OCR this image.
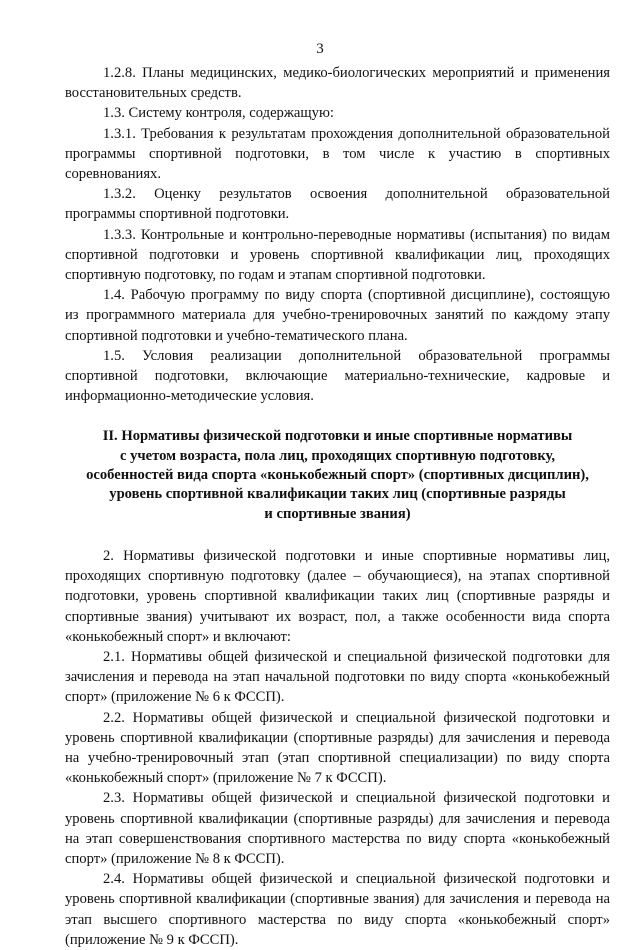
3

1.2.8. Планы медицинских, медико-биологических мероприятий и применения восстановительных средств.

1.3. Систему контроля, содержащую:

1.3.1. Требования к результатам прохождения дополнительной образовательной программы спортивной подготовки, в том числе к участию в спортивных соревнованиях.

1.3.2. Оценку результатов освоения дополнительной образовательной программы спортивной подготовки.

1.3.3. Контрольные и контрольно-переводные нормативы (испытания) по видам спортивной подготовки и уровень спортивной квалификации лиц, проходящих спортивную подготовку, по годам и этапам спортивной подготовки.

1.4. Рабочую программу по виду спорта (спортивной дисциплине), состоящую из программного материала для учебно-тренировочных занятий по каждому этапу спортивной подготовки и учебно-тематического плана.

1.5. Условия реализации дополнительной образовательной программы спортивной подготовки, включающие материально-технические, кадровые и информационно-методические условия.

II. Нормативы физической подготовки и иные спортивные нормативы
с учетом возраста, пола лиц, проходящих спортивную подготовку,
особенностей вида спорта «конькобежный спорт» (спортивных дисциплин),
уровень спортивной квалификации таких лиц (спортивные разряды
и спортивные звания)

2. Нормативы физической подготовки и иные спортивные нормативы лиц, проходящих спортивную подготовку (далее – обучающиеся), на этапах спортивной подготовки, уровень спортивной квалификации таких лиц (спортивные разряды и спортивные звания) учитывают их возраст, пол, а также особенности вида спорта «конькобежный спорт» и включают:

2.1. Нормативы общей физической и специальной физической подготовки для зачисления и перевода на этап начальной подготовки по виду спорта «конькобежный спорт» (приложение № 6 к ФССП).

2.2. Нормативы общей физической и специальной физической подготовки и уровень спортивной квалификации (спортивные разряды) для зачисления и перевода на учебно-тренировочный этап (этап спортивной специализации) по виду спорта «конькобежный спорт» (приложение № 7 к ФССП).

2.3. Нормативы общей физической и специальной физической подготовки и уровень спортивной квалификации (спортивные разряды) для зачисления и перевода на этап совершенствования спортивного мастерства по виду спорта «конькобежный спорт» (приложение № 8 к ФССП).

2.4. Нормативы общей физической и специальной физической подготовки и уровень спортивной квалификации (спортивные звания) для зачисления и перевода на этап высшего спортивного мастерства по виду спорта «конькобежный спорт» (приложение № 9 к ФССП).
